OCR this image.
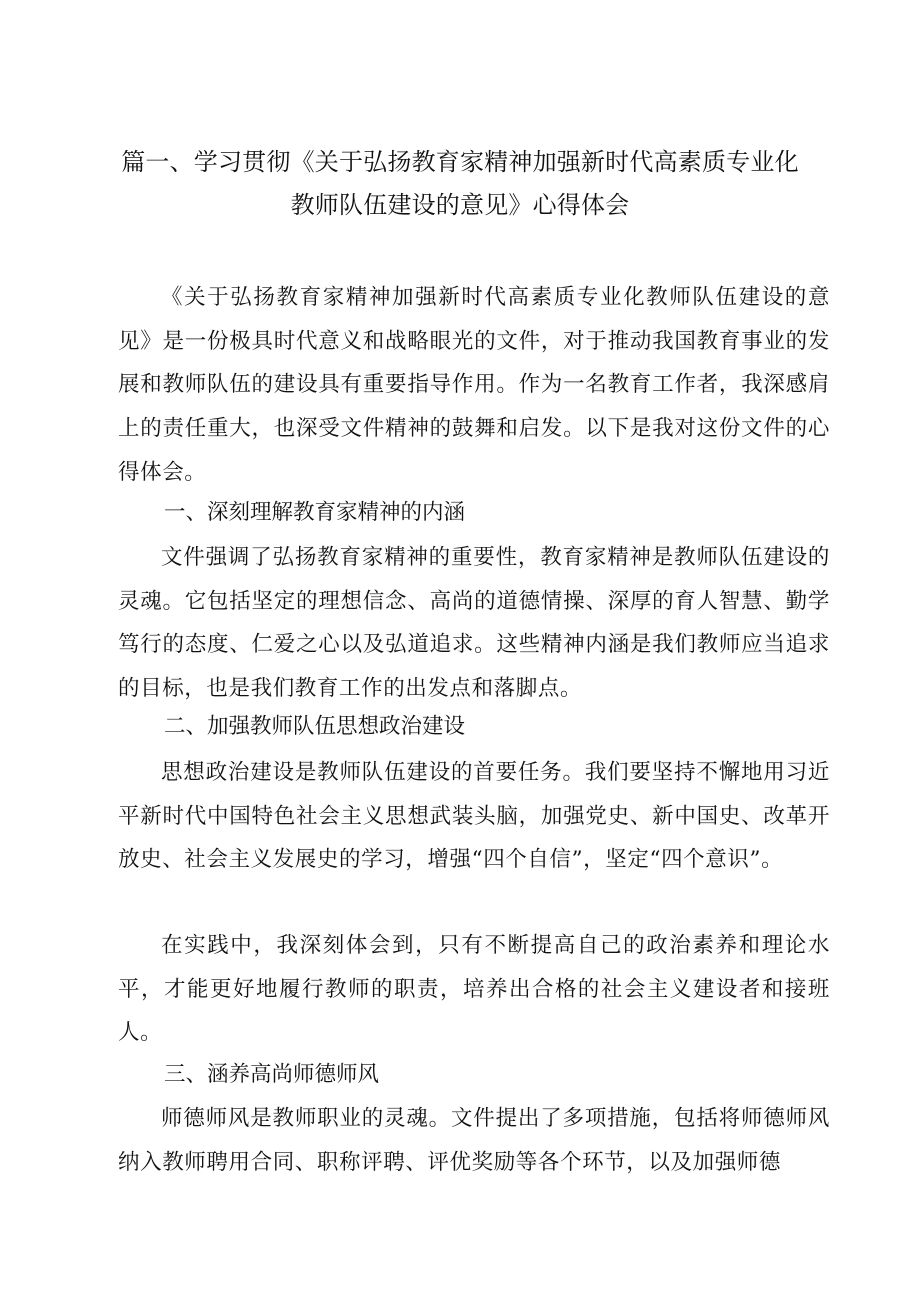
篇一、学习贯彻《关于弘扬教育家精神加强新时代高素质专业化
教师队伍建设的意见》心得体会

《关于弘扬教育家精神加强新时代高素质专业化教师队伍建设的意见》是一份极具时代意义和战略眼光的文件，对于推动我国教育事业的发展和教师队伍的建设具有重要指导作用。作为一名教育工作者，我深感肩上的责任重大，也深受文件精神的鼓舞和启发。以下是我对这份文件的心得体会。

一、深刻理解教育家精神的内涵

文件强调了弘扬教育家精神的重要性，教育家精神是教师队伍建设的灵魂。它包括坚定的理想信念、高尚的道德情操、深厚的育人智慧、勤学笃行的态度、仁爱之心以及弘道追求。这些精神内涵是我们教师应当追求的目标，也是我们教育工作的出发点和落脚点。

二、加强教师队伍思想政治建设

思想政治建设是教师队伍建设的首要任务。我们要坚持不懈地用习近平新时代中国特色社会主义思想武装头脑，加强党史、新中国史、改革开放史、社会主义发展史的学习，增强“四个自信”，坚定“四个意识”。

在实践中，我深刻体会到，只有不断提高自己的政治素养和理论水平，才能更好地履行教师的职责，培养出合格的社会主义建设者和接班人。

三、涵养高尚师德师风

师德师风是教师职业的灵魂。文件提出了多项措施，包括将师德师风纳入教师聘用合同、职称评聘、评优奖励等各个环节，以及加强师德
